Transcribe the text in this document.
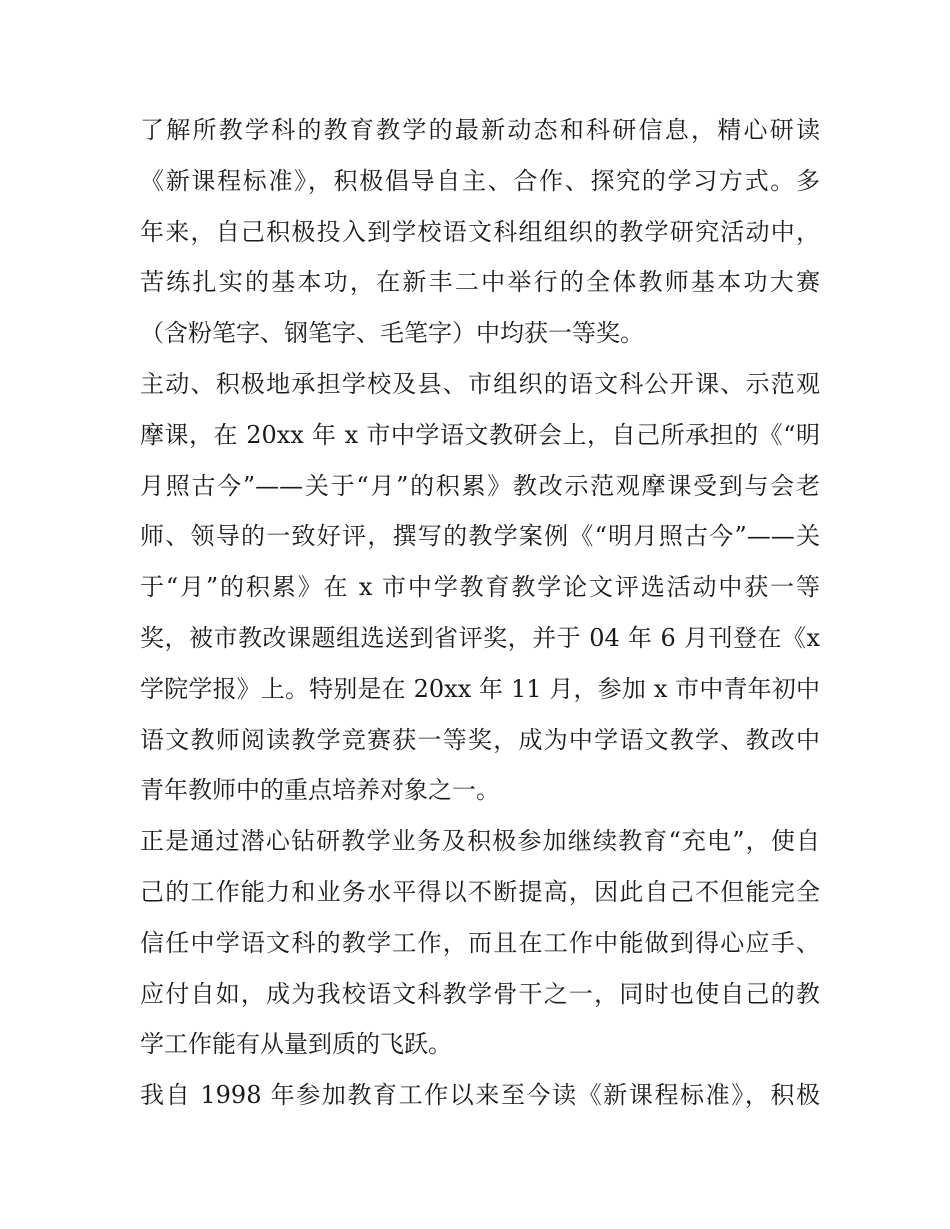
了解所教学科的教育教学的最新动态和科研信息，精心研读
《新课程标准》，积极倡导自主、合作、探究的学习方式。多
年来，自己积极投入到学校语文科组组织的教学研究活动中，
苦练扎实的基本功，在新丰二中举行的全体教师基本功大赛
（含粉笔字、钢笔字、毛笔字）中均获一等奖。
主动、积极地承担学校及县、市组织的语文科公开课、示范观
摩课，在 20xx 年 x 市中学语文教研会上，自己所承担的《“明
月照古今”——关于“月”的积累》教改示范观摩课受到与会老
师、领导的一致好评，撰写的教学案例《“明月照古今”——关
于“月”的积累》在 x 市中学教育教学论文评选活动中获一等
奖，被市教改课题组选送到省评奖，并于 04 年 6 月刊登在《x
学院学报》上。特别是在 20xx 年 11 月，参加 x 市中青年初中
语文教师阅读教学竞赛获一等奖，成为中学语文教学、教改中
青年教师中的重点培养对象之一。
正是通过潜心钻研教学业务及积极参加继续教育“充电”，使自
己的工作能力和业务水平得以不断提高，因此自己不但能完全
信任中学语文科的教学工作，而且在工作中能做到得心应手、
应付自如，成为我校语文科教学骨干之一，同时也使自己的教
学工作能有从量到质的飞跃。
我自 1998 年参加教育工作以来至今读《新课程标准》，积极
